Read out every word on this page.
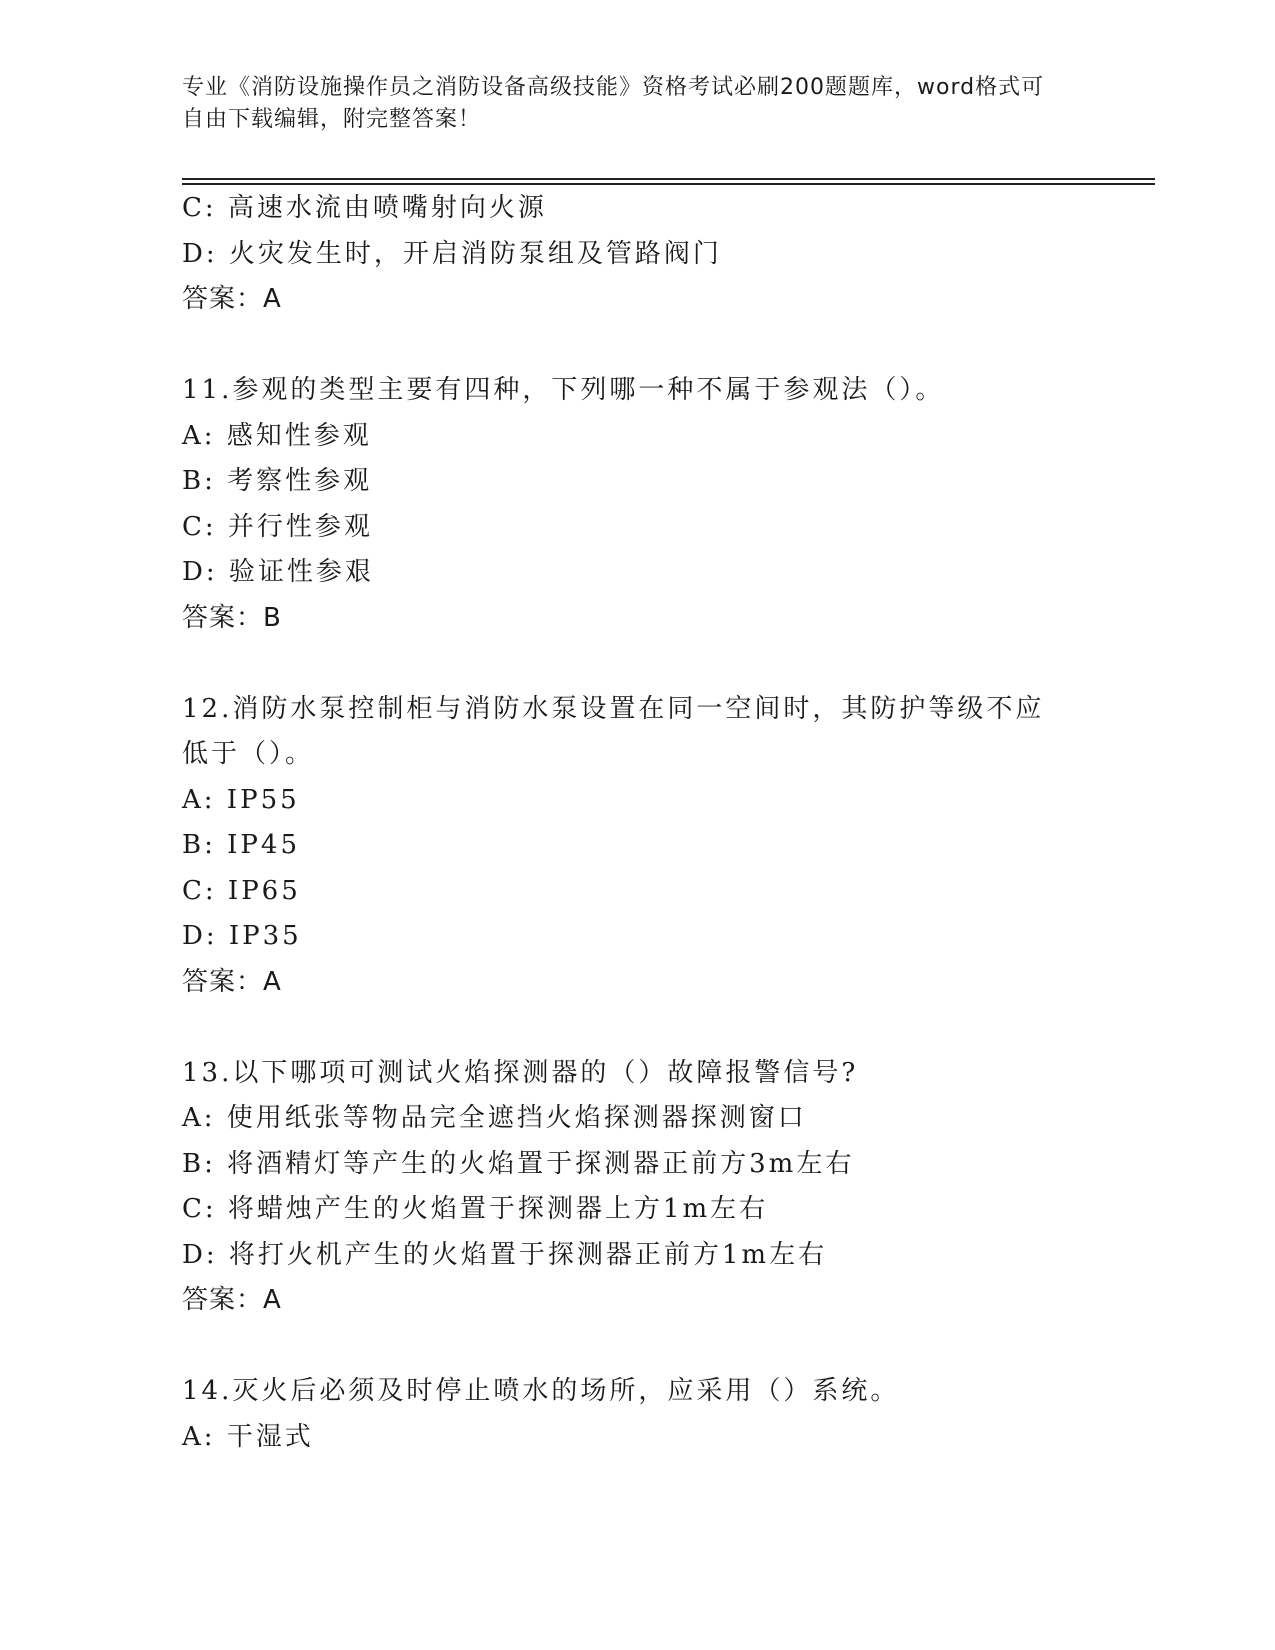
专业《消防设施操作员之消防设备高级技能》资格考试必刷200题题库，word格式可自由下载编辑，附完整答案！
C: 高速水流由喷嘴射向火源
D: 火灾发生时，开启消防泵组及管路阀门
答案：A
11.参观的类型主要有四种，下列哪一种不属于参观法（）。
A: 感知性参观
B: 考察性参观
C: 并行性参观
D: 验证性参艰
答案：B
12.消防水泵控制柜与消防水泵设置在同一空间时，其防护等级不应低于（）。
A: IP55
B: IP45
C: IP65
D: IP35
答案：A
13.以下哪项可测试火焰探测器的（）故障报警信号?
A: 使用纸张等物品完全遮挡火焰探测器探测窗口
B: 将酒精灯等产生的火焰置于探测器正前方3m左右
C: 将蜡烛产生的火焰置于探测器上方1m左右
D: 将打火机产生的火焰置于探测器正前方1m左右
答案：A
14.灭火后必须及时停止喷水的场所，应采用（）系统。
A: 干湿式
